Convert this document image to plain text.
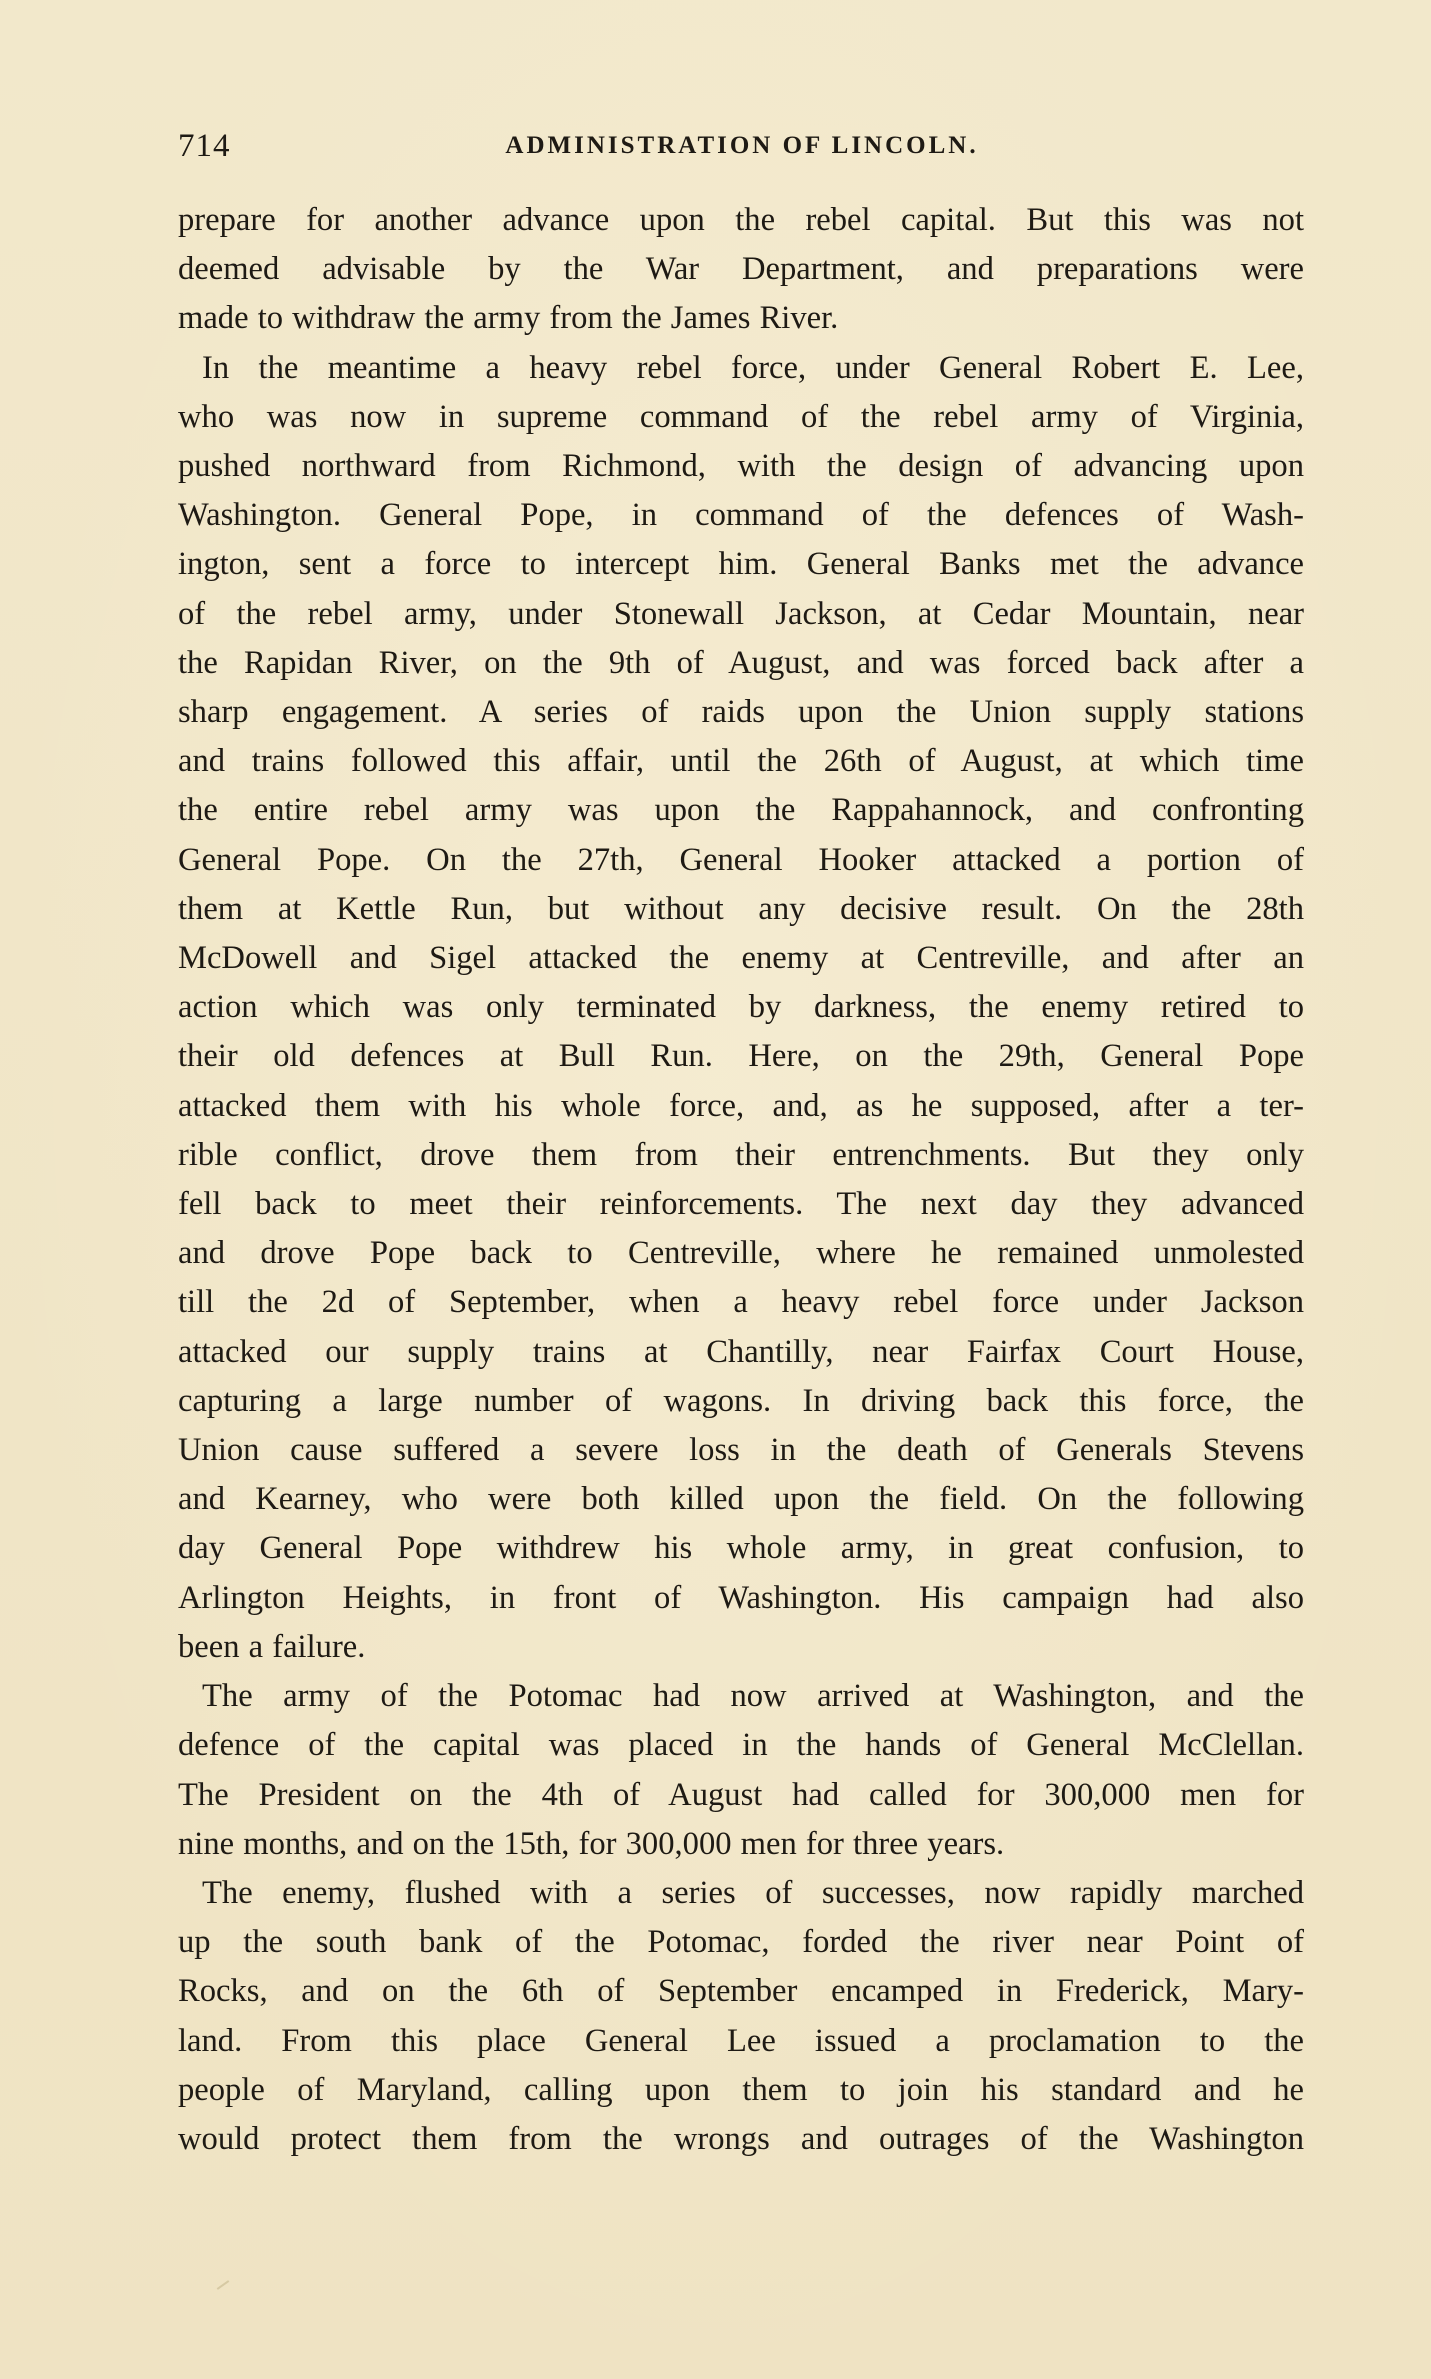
714	ADMINISTRATION OF LINCOLN.

prepare for another advance upon the rebel capital. But this was not
deemed advisable by the War Department, and preparations were
made to withdraw the army from the James River.

In the meantime a heavy rebel force, under General Robert E. Lee,
who was now in supreme command of the rebel army of Virginia,
pushed northward from Richmond, with the design of advancing upon
Washington. General Pope, in command of the defences of Wash-
ington, sent a force to intercept him. General Banks met the advance
of the rebel army, under Stonewall Jackson, at Cedar Mountain, near
the Rapidan River, on the 9th of August, and was forced back after a
sharp engagement. A series of raids upon the Union supply stations
and trains followed this affair, until the 26th of August, at which time
the entire rebel army was upon the Rappahannock, and confronting
General Pope. On the 27th, General Hooker attacked a portion of
them at Kettle Run, but without any decisive result. On the 28th
McDowell and Sigel attacked the enemy at Centreville, and after an
action which was only terminated by darkness, the enemy retired to
their old defences at Bull Run. Here, on the 29th, General Pope
attacked them with his whole force, and, as he supposed, after a ter-
rible conflict, drove them from their entrenchments. But they only
fell back to meet their reinforcements. The next day they advanced
and drove Pope back to Centreville, where he remained unmolested
till the 2d of September, when a heavy rebel force under Jackson
attacked our supply trains at Chantilly, near Fairfax Court House,
capturing a large number of wagons. In driving back this force, the
Union cause suffered a severe loss in the death of Generals Stevens
and Kearney, who were both killed upon the field. On the following
day General Pope withdrew his whole army, in great confusion, to
Arlington Heights, in front of Washington. His campaign had also
been a failure.

The army of the Potomac had now arrived at Washington, and the
defence of the capital was placed in the hands of General McClellan.
The President on the 4th of August had called for 300,000 men for
nine months, and on the 15th, for 300,000 men for three years.

The enemy, flushed with a series of successes, now rapidly marched
up the south bank of the Potomac, forded the river near Point of
Rocks, and on the 6th of September encamped in Frederick, Mary-
land. From this place General Lee issued a proclamation to the
people of Maryland, calling upon them to join his standard and he
would protect them from the wrongs and outrages of the Washington
